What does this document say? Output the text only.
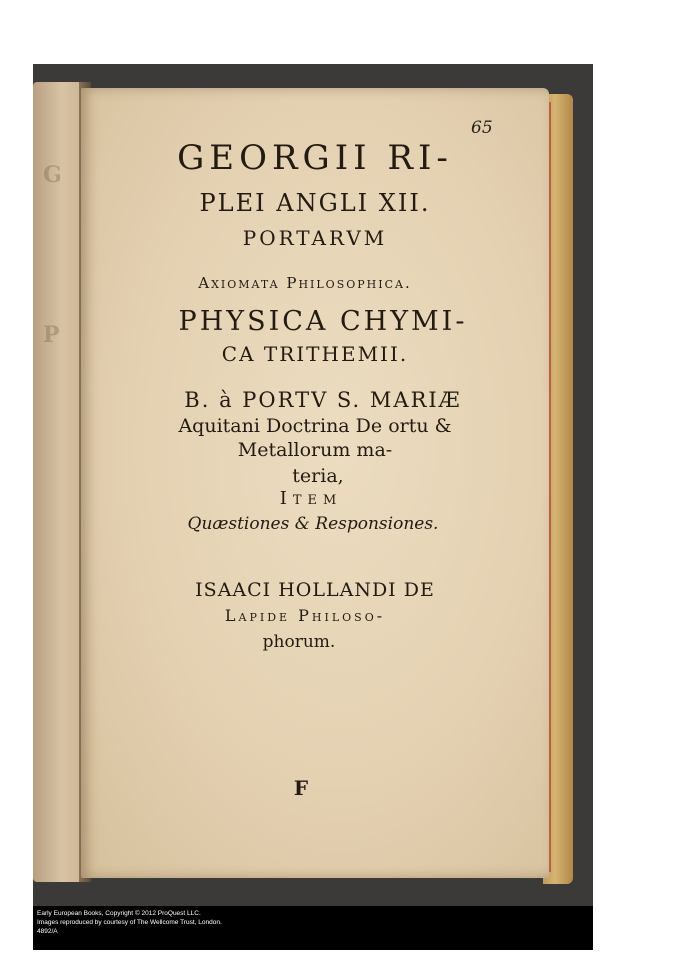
G
P
65
GEORGII RI-
PLEI ANGLI XII.
PORTARVM
Axiomata Philosophica.
PHYSICA CHYMI-
CA TRITHEMII.
B. à PORTV S. MARIÆ
Aquitani Doctrina De ortu &
Metallorum ma-
teria,
Item
Quæstiones & Responsiones.
ISAACI HOLLANDI DE
Lapide Philoso-
phorum.
F
Early European Books, Copyright © 2012 ProQuest LLC.
Images reproduced by courtesy of The Wellcome Trust, London.
4892/A
